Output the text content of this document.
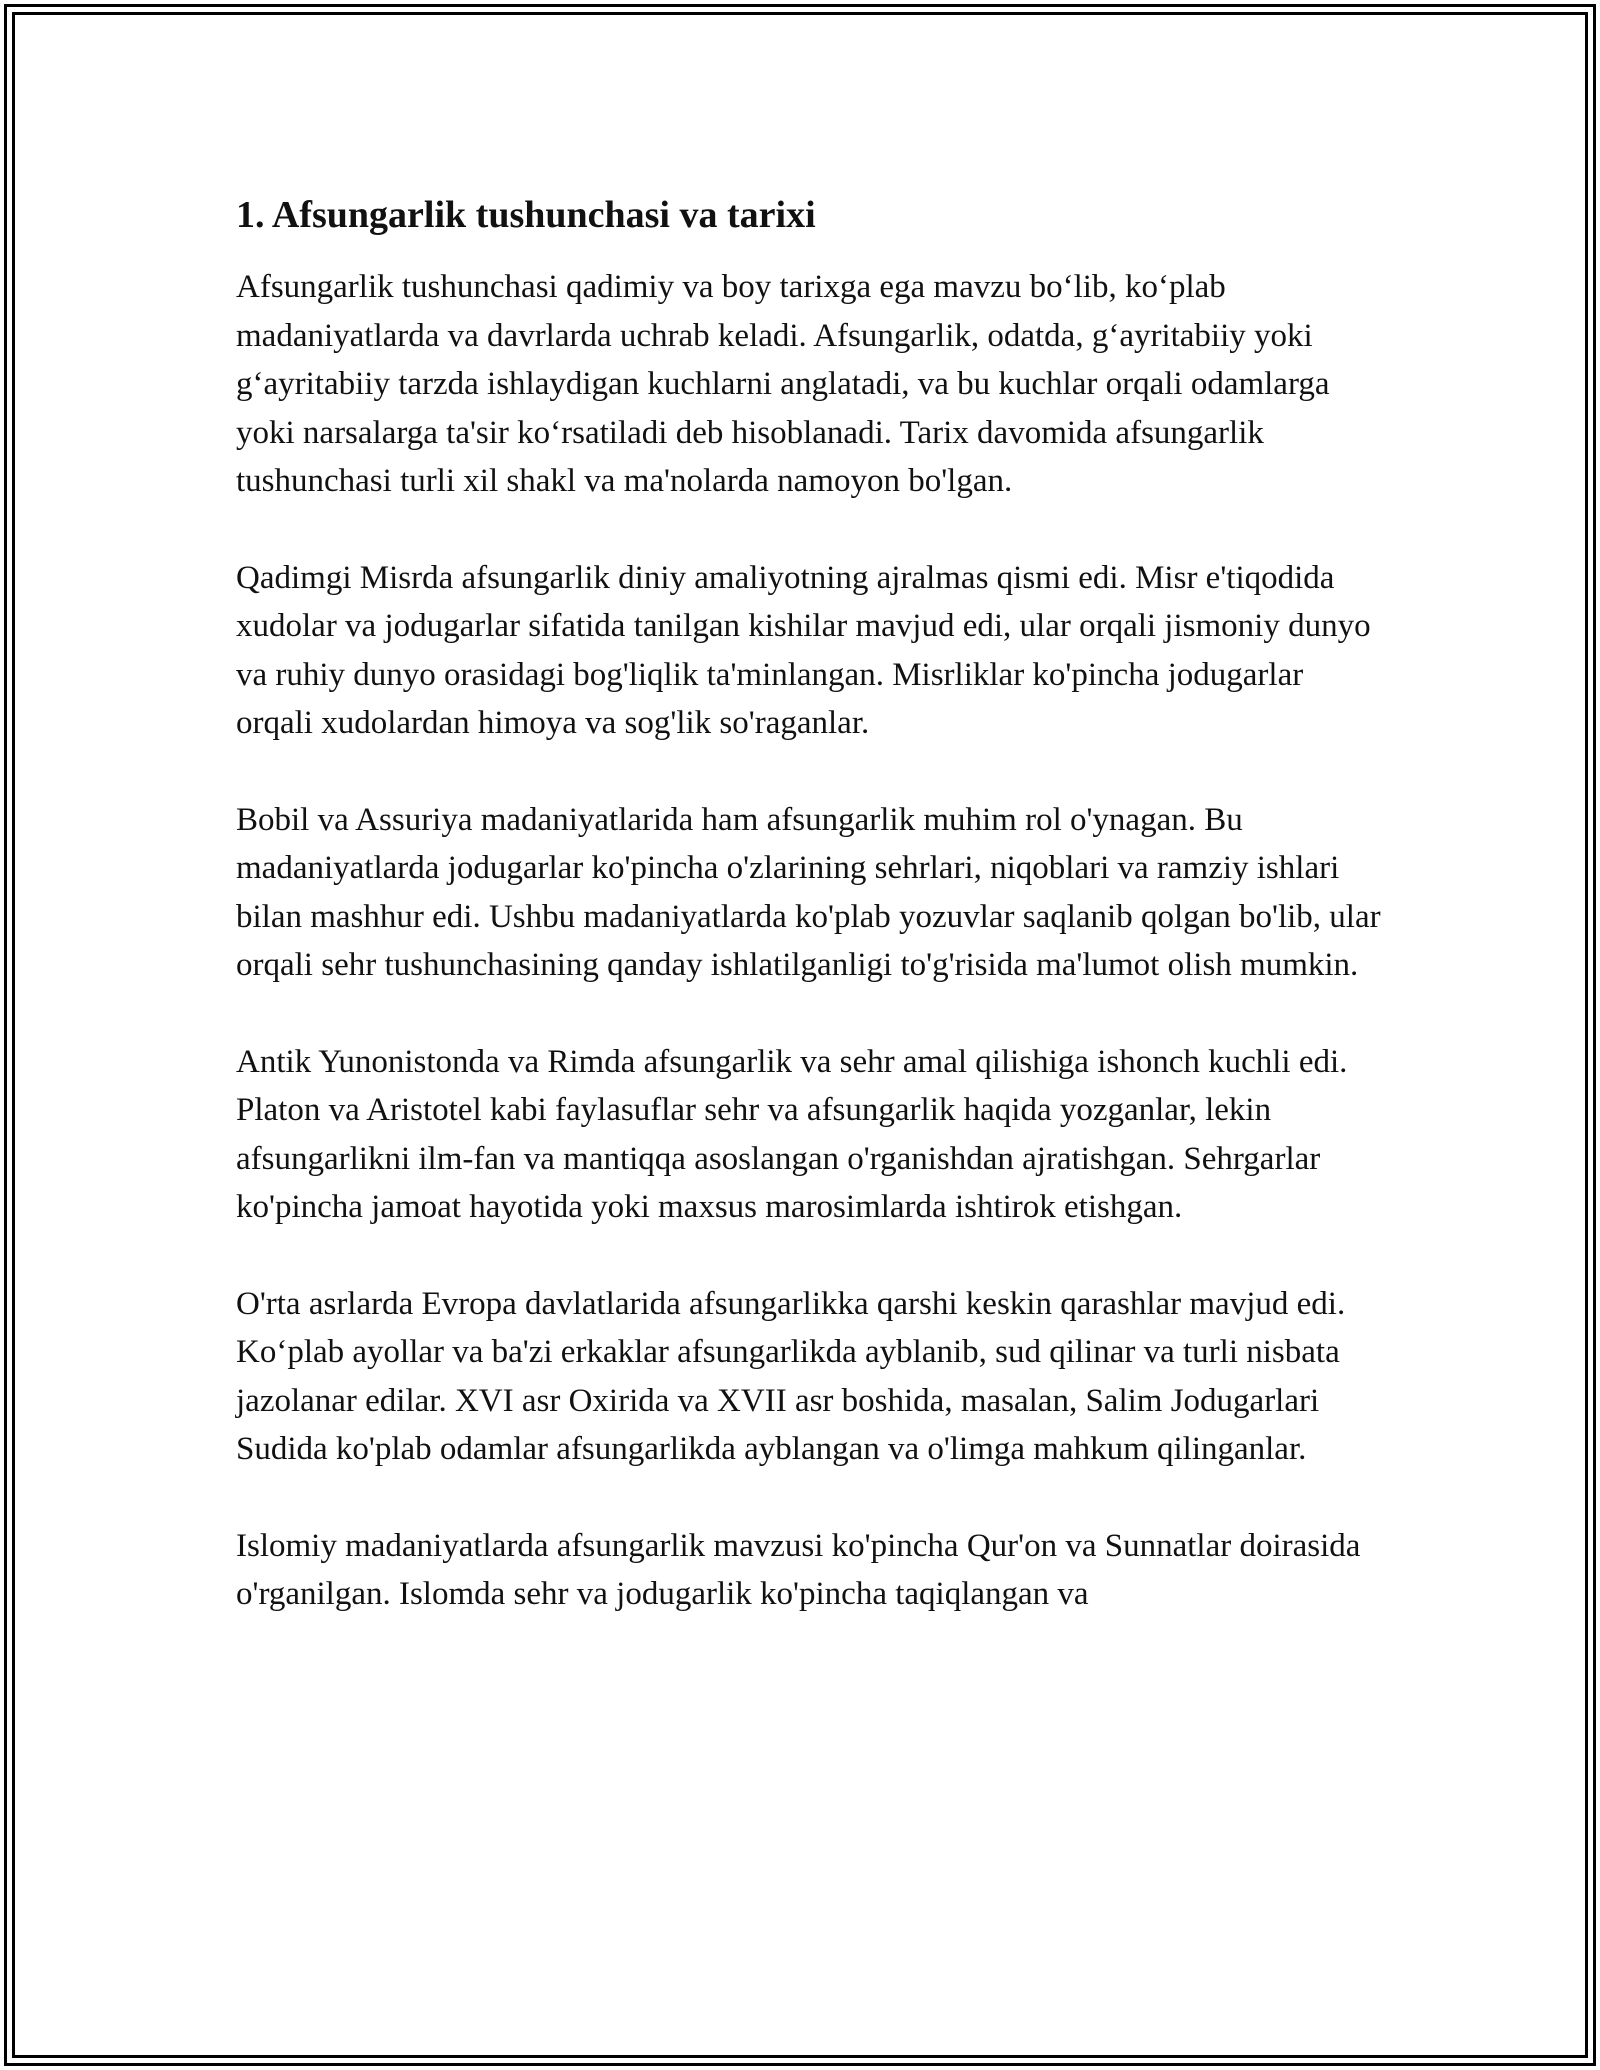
1. Afsungarlik tushunchasi va tarixi

Afsungarlik tushunchasi qadimiy va boy tarixga ega mavzu bo‘lib, ko‘plab madaniyatlarda va davrlarda uchrab keladi. Afsungarlik, odatda, g‘ayritabiiy yoki g‘ayritabiiy tarzda ishlaydigan kuchlarni anglatadi, va bu kuchlar orqali odamlarga yoki narsalarga ta'sir ko‘rsatiladi deb hisoblanadi. Tarix davomida afsungarlik tushunchasi turli xil shakl va ma'nolarda namoyon bo'lgan.

Qadimgi Misrda afsungarlik diniy amaliyotning ajralmas qismi edi. Misr e'tiqodida xudolar va jodugarlar sifatida tanilgan kishilar mavjud edi, ular orqali jismoniy dunyo va ruhiy dunyo orasidagi bog'liqlik ta'minlangan. Misrliklar ko'pincha jodugarlar orqali xudolardan himoya va sog'lik so'raganlar.

Bobil va Assuriya madaniyatlarida ham afsungarlik muhim rol o'ynagan. Bu madaniyatlarda jodugarlar ko'pincha o'zlarining sehrlari, niqoblari va ramziy ishlari bilan mashhur edi. Ushbu madaniyatlarda ko'plab yozuvlar saqlanib qolgan bo'lib, ular orqali sehr tushunchasining qanday ishlatilganligi to'g'risida ma'lumot olish mumkin.

Antik Yunonistonda va Rimda afsungarlik va sehr amal qilishiga ishonch kuchli edi. Platon va Aristotel kabi faylasuflar sehr va afsungarlik haqida yozganlar, lekin afsungarlikni ilm-fan va mantiqqa asoslangan o'rganishdan ajratishgan. Sehrgarlar ko'pincha jamoat hayotida yoki maxsus marosimlarda ishtirok etishgan.

O'rta asrlarda Evropa davlatlarida afsungarlikka qarshi keskin qarashlar mavjud edi. Ko‘plab ayollar va ba'zi erkaklar afsungarlikda ayblanib, sud qilinar va turli nisbata jazolanar edilar. XVI asr Oxirida va XVII asr boshida, masalan, Salim Jodugarlari Sudida ko'plab odamlar afsungarlikda ayblangan va o'limga mahkum qilinganlar.

Islomiy madaniyatlarda afsungarlik mavzusi ko'pincha Qur'on va Sunnatlar doirasida o'rganilgan. Islomda sehr va jodugarlik ko'pincha taqiqlangan va
